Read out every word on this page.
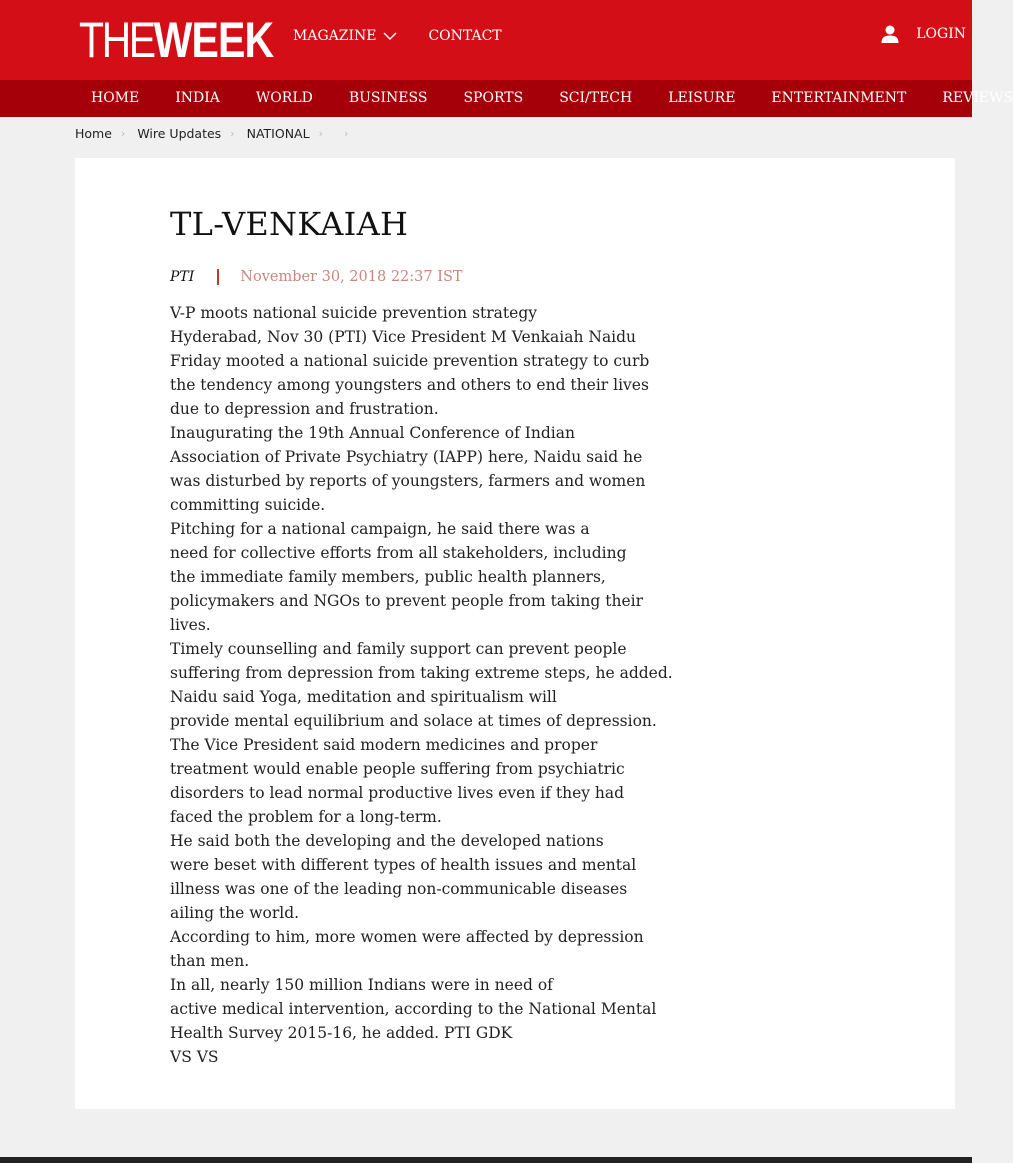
THE WEEK MAGAZINE	CONTACT	LOGIN
HOME	INDIA	WORLD	BUSINESS	SPORTS	SCI/TECH	LEISURE	ENTERTAINMENT	REVIEWS
Home › Wire Updates › NATIONAL › ›
TL-VENKAIAH
PTI	November 30, 2018 22:37 IST
V-P moots national suicide prevention strategy
Hyderabad, Nov 30 (PTI) Vice President M Venkaiah Naidu
Friday mooted a national suicide prevention strategy to curb
the tendency among youngsters and others to end their lives
due to depression and frustration.
Inaugurating the 19th Annual Conference of Indian
Association of Private Psychiatry (IAPP) here, Naidu said he
was disturbed by reports of youngsters, farmers and women
committing suicide.
Pitching for a national campaign, he said there was a
need for collective efforts from all stakeholders, including
the immediate family members, public health planners,
policymakers and NGOs to prevent people from taking their
lives.
Timely counselling and family support can prevent people
suffering from depression from taking extreme steps, he added.
Naidu said Yoga, meditation and spiritualism will
provide mental equilibrium and solace at times of depression.
The Vice President said modern medicines and proper
treatment would enable people suffering from psychiatric
disorders to lead normal productive lives even if they had
faced the problem for a long-term.
He said both the developing and the developed nations
were beset with different types of health issues and mental
illness was one of the leading non-communicable diseases
ailing the world.
According to him, more women were affected by depression
than men.
In all, nearly 150 million Indians were in need of
active medical intervention, according to the National Mental
Health Survey 2015-16, he added. PTI GDK
VS VS
